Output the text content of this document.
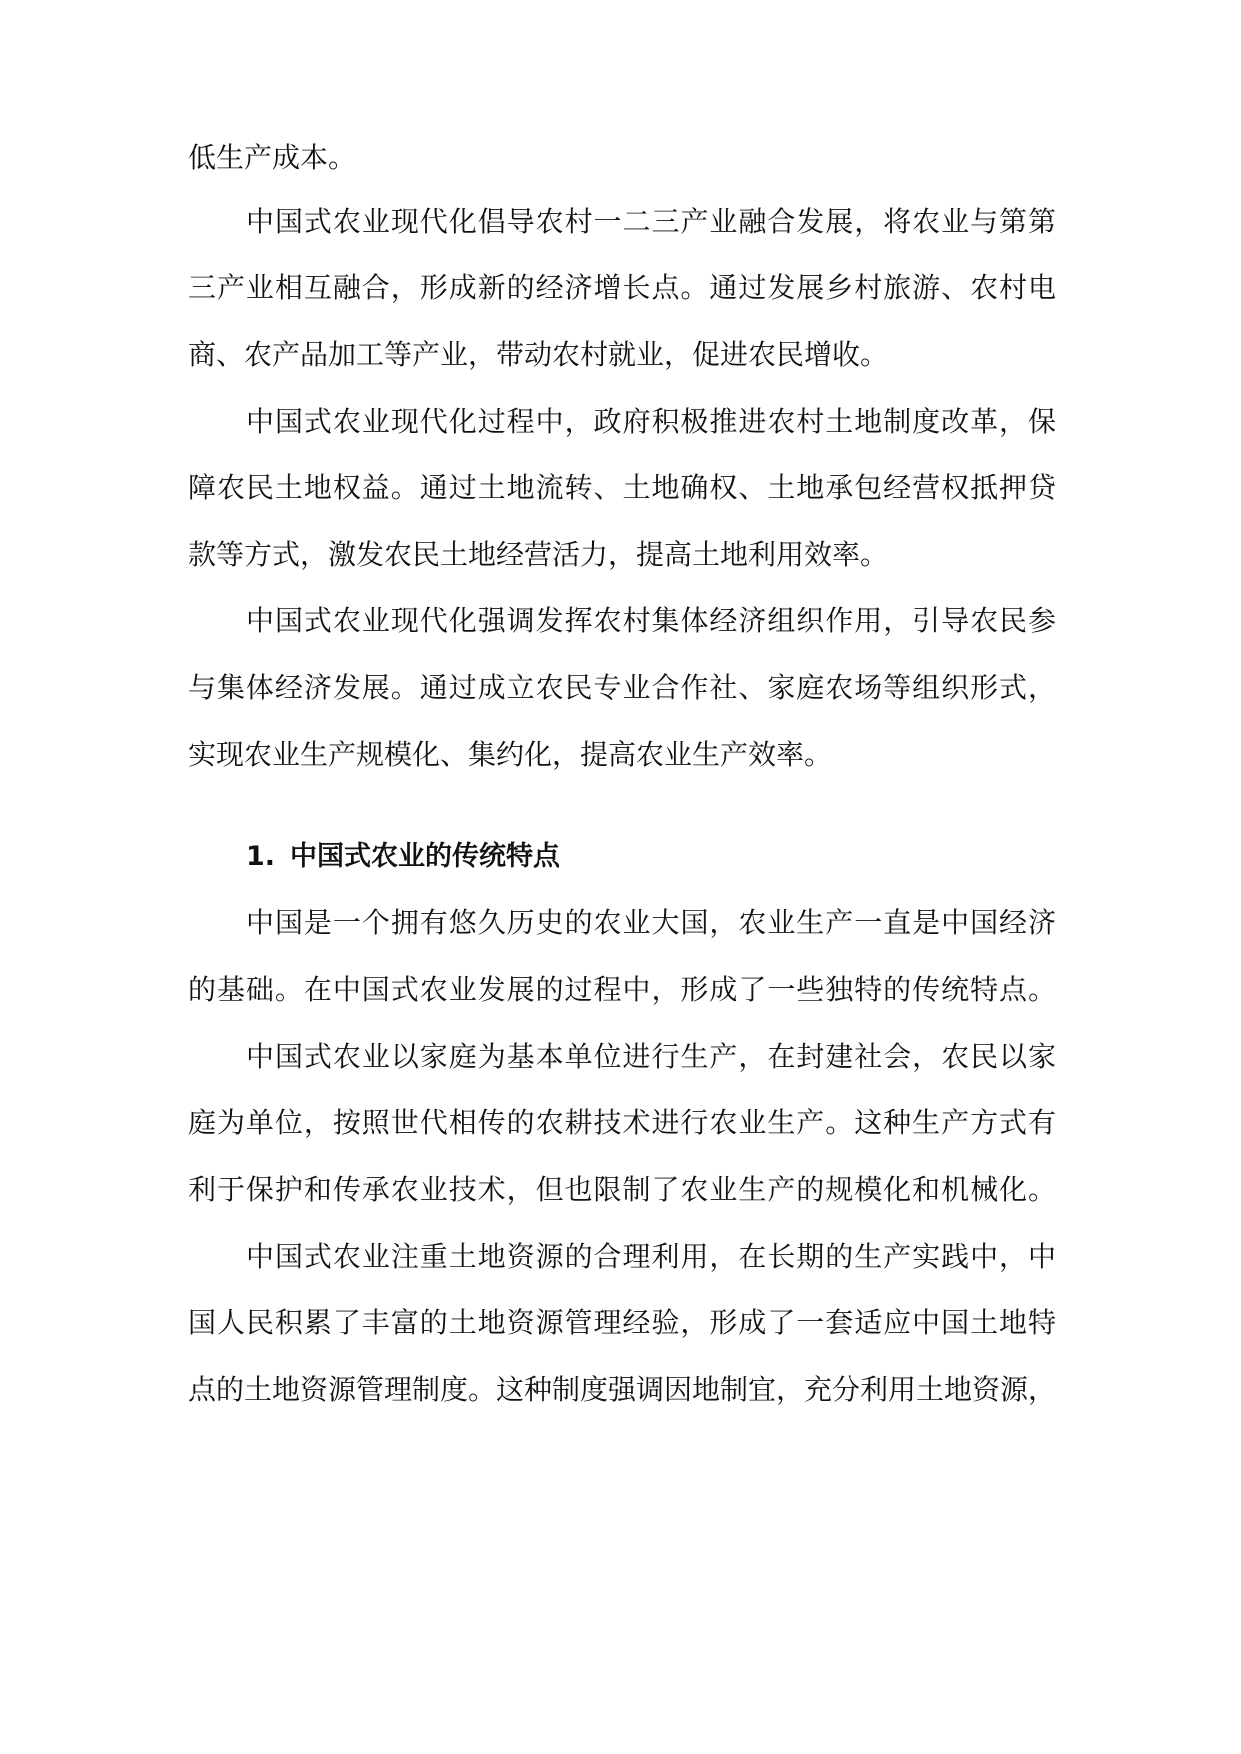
低生产成本。
中国式农业现代化倡导农村一二三产业融合发展，将农业与第第
三产业相互融合，形成新的经济增长点。通过发展乡村旅游、农村电
商、农产品加工等产业，带动农村就业，促进农民增收。
中国式农业现代化过程中，政府积极推进农村土地制度改革，保
障农民土地权益。通过土地流转、土地确权、土地承包经营权抵押贷
款等方式，激发农民土地经营活力，提高土地利用效率。
中国式农业现代化强调发挥农村集体经济组织作用，引导农民参
与集体经济发展。通过成立农民专业合作社、家庭农场等组织形式，
实现农业生产规模化、集约化，提高农业生产效率。
1. 中国式农业的传统特点
中国是一个拥有悠久历史的农业大国，农业生产一直是中国经济
的基础。在中国式农业发展的过程中，形成了一些独特的传统特点。
中国式农业以家庭为基本单位进行生产，在封建社会，农民以家
庭为单位，按照世代相传的农耕技术进行农业生产。这种生产方式有
利于保护和传承农业技术，但也限制了农业生产的规模化和机械化。
中国式农业注重土地资源的合理利用，在长期的生产实践中，中
国人民积累了丰富的土地资源管理经验，形成了一套适应中国土地特
点的土地资源管理制度。这种制度强调因地制宜，充分利用土地资源，
